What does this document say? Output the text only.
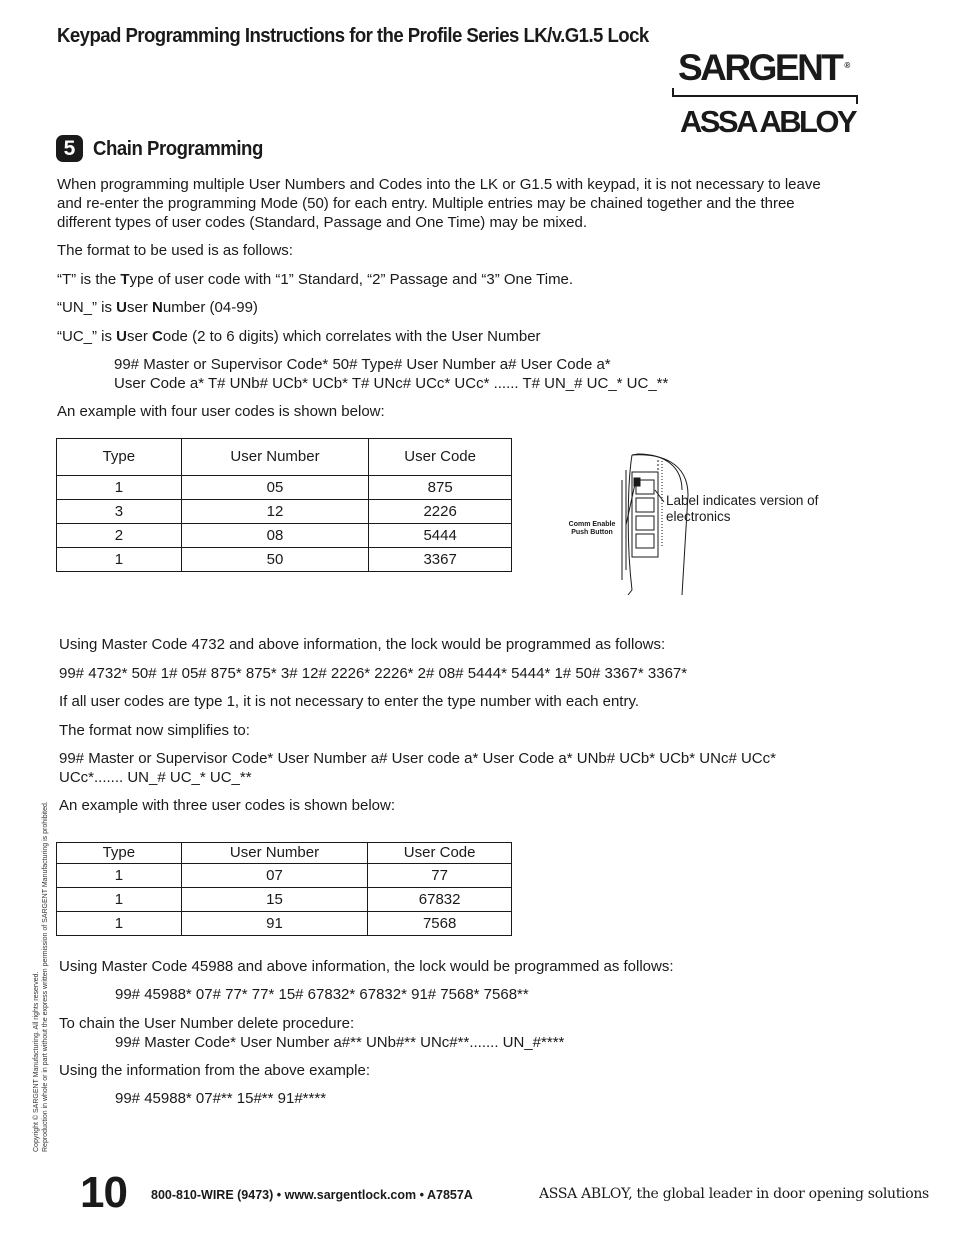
Keypad Programming Instructions for the Profile Series LK/v.G1.5 Lock
SARGENT ®
ASSA ABLOY
5 Chain Programming
When programming multiple User Numbers and Codes into the LK or G1.5 with keypad, it is not necessary to leave
and re-enter the programming Mode (50) for each entry. Multiple entries may be chained together and the three
different types of user codes (Standard, Passage and One Time) may be mixed.
The format to be used is as follows:
“T” is the Type of user code with “1” Standard, “2” Passage and “3” One Time.
“UN_” is User Number (04-99)
“UC_” is User Code (2 to 6 digits) which correlates with the User Number
99# Master or Supervisor Code* 50# Type# User Number a# User Code a*
User Code a* T# UNb# UCb* UCb* T# UNc# UCc* UCc* ...... T# UN_# UC_* UC_**
An example with four user codes is shown below:
Type	User Number	User Code
1	05	875
3	12	2226
2	08	5444
1	50	3367
Label indicates version of electronics
Comm Enable
Push Button
Using Master Code 4732 and above information, the lock would be programmed as follows:
99# 4732* 50# 1# 05# 875* 875* 3# 12# 2226* 2226* 2# 08# 5444* 5444* 1# 50# 3367* 3367*
If all user codes are type 1, it is not necessary to enter the type number with each entry.
The format now simplifies to:
99# Master or Supervisor Code* User Number a# User code a* User Code a* UNb# UCb* UCb* UNc# UCc*
UCc*....... UN_# UC_* UC_**
An example with three user codes is shown below:
Type	User Number	User Code
1	07	77
1	15	67832
1	91	7568
Using Master Code 45988 and above information, the lock would be programmed as follows:
99# 45988* 07# 77* 77* 15# 67832* 67832* 91# 7568* 7568**
To chain the User Number delete procedure:
99# Master Code* User Number a#** UNb#** UNc#**....... UN_#****
Using the information from the above example:
99# 45988* 07#** 15#** 91#****
Copyright © SARGENT Manufacturing. All rights reserved. Reproduction in whole or in part without the express written permission of SARGENT Manufacturing is prohibited.
10 800-810-WIRE (9473) • www.sargentlock.com • A7857A	ASSA ABLOY, the global leader in door opening solutions
